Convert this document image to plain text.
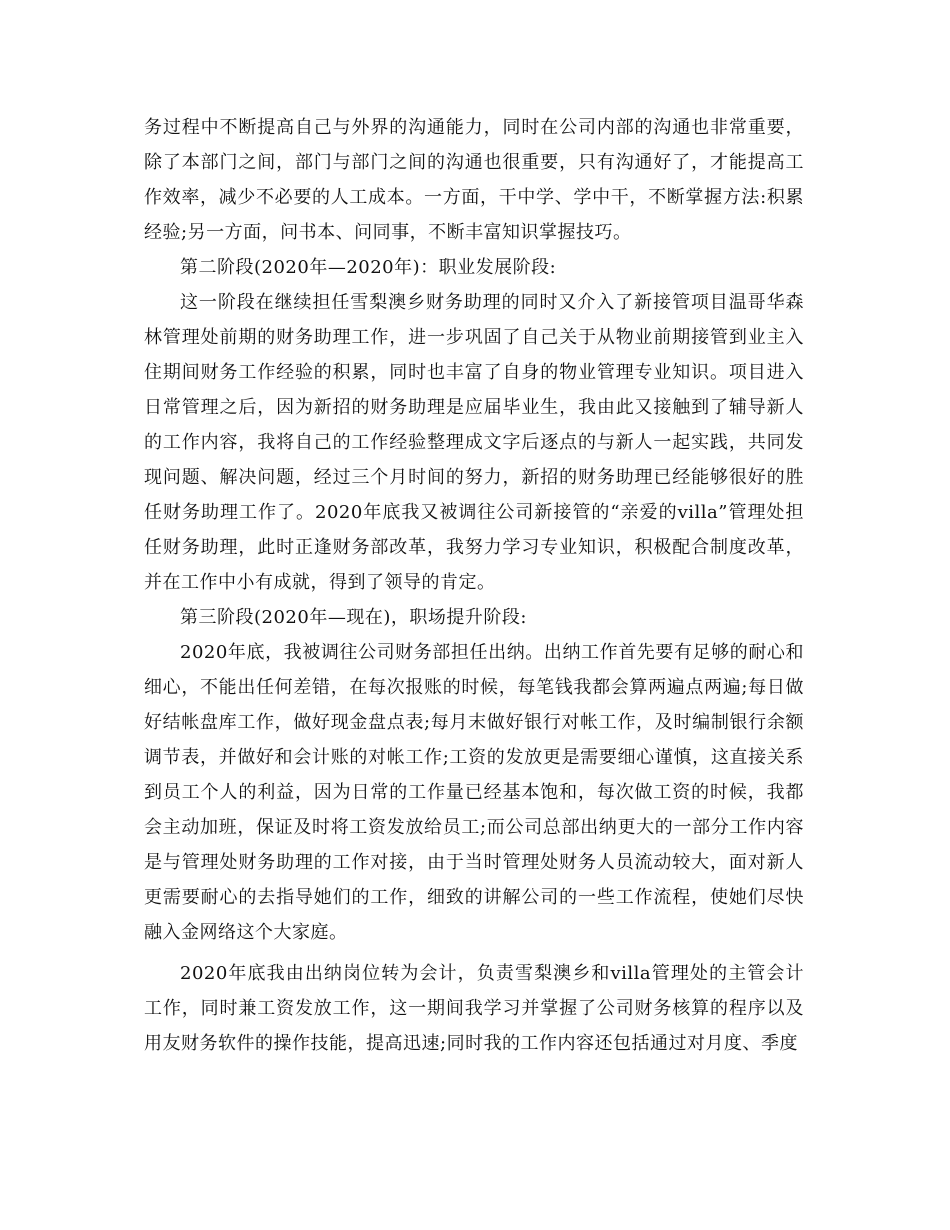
务过程中不断提高自己与外界的沟通能力，同时在公司内部的沟通也非常重要，除了本部门之间，部门与部门之间的沟通也很重要，只有沟通好了，才能提高工作效率，减少不必要的人工成本。一方面，干中学、学中干，不断掌握方法:积累经验;另一方面，问书本、问同事，不断丰富知识掌握技巧。

第二阶段(2020年—2020年)：职业发展阶段:

这一阶段在继续担任雪梨澳乡财务助理的同时又介入了新接管项目温哥华森林管理处前期的财务助理工作，进一步巩固了自己关于从物业前期接管到业主入住期间财务工作经验的积累，同时也丰富了自身的物业管理专业知识。项目进入日常管理之后，因为新招的财务助理是应届毕业生，我由此又接触到了辅导新人的工作内容，我将自己的工作经验整理成文字后逐点的与新人一起实践，共同发现问题、解决问题，经过三个月时间的努力，新招的财务助理已经能够很好的胜任财务助理工作了。2020年底我又被调往公司新接管的“亲爱的villa”管理处担任财务助理，此时正逢财务部改革，我努力学习专业知识，积极配合制度改革，并在工作中小有成就，得到了领导的肯定。

第三阶段(2020年—现在)，职场提升阶段:

2020年底，我被调往公司财务部担任出纳。出纳工作首先要有足够的耐心和细心，不能出任何差错，在每次报账的时候，每笔钱我都会算两遍点两遍;每日做好结帐盘库工作，做好现金盘点表;每月末做好银行对帐工作，及时编制银行余额调节表，并做好和会计账的对帐工作;工资的发放更是需要细心谨慎，这直接关系到员工个人的利益，因为日常的工作量已经基本饱和，每次做工资的时候，我都会主动加班，保证及时将工资发放给员工;而公司总部出纳更大的一部分工作内容是与管理处财务助理的工作对接，由于当时管理处财务人员流动较大，面对新人更需要耐心的去指导她们的工作，细致的讲解公司的一些工作流程，使她们尽快融入金网络这个大家庭。

2020年底我由出纳岗位转为会计，负责雪梨澳乡和villa管理处的主管会计工作，同时兼工资发放工作，这一期间我学习并掌握了公司财务核算的程序以及用友财务软件的操作技能，提高迅速;同时我的工作内容还包括通过对月度、季度
